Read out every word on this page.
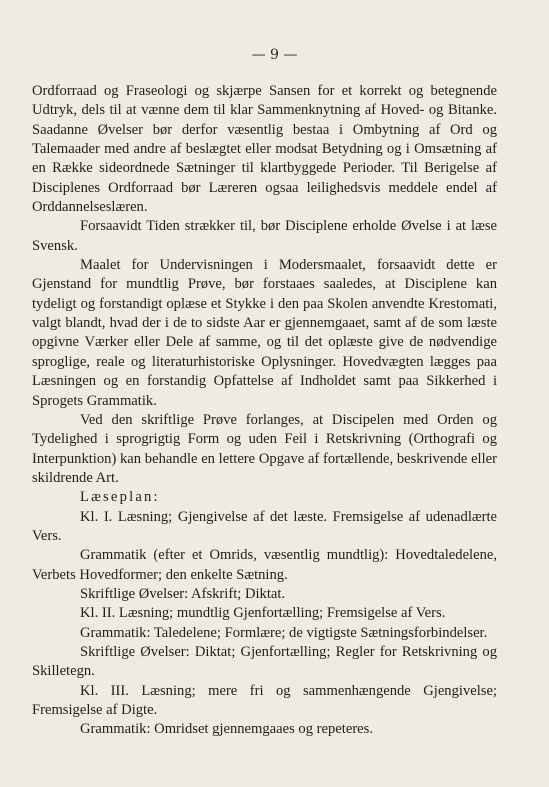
— 9 —

Ordforraad og Fraseologi og skjærpe Sansen for et korrekt og betegnende Udtryk, dels til at vænne dem til klar Sammenknytning af Hoved- og Bitanke. Saadanne Øvelser bør derfor væsentlig bestaa i Ombytning af Ord og Talemaader med andre af beslægtet eller modsat Betydning og i Omsætning af en Række sideordnede Sætninger til klartbyggede Perioder. Til Berigelse af Disciplenes Ordforraad bør Læreren ogsaa leilighedsvis meddele endel af Orddannelseslæren.

Forsaavidt Tiden strækker til, bør Disciplene erholde Øvelse i at læse Svensk.

Maalet for Undervisningen i Modersmaalet, forsaavidt dette er Gjenstand for mundtlig Prøve, bør forstaaes saaledes, at Disciplene kan tydeligt og forstandigt oplæse et Stykke i den paa Skolen anvendte Krestomati, valgt blandt, hvad der i de to sidste Aar er gjennemgaaet, samt af de som læste opgivne Værker eller Dele af samme, og til det oplæste give de nødvendige sproglige, reale og literaturhistoriske Oplysninger. Hovedvægten lægges paa Læsningen og en forstandig Opfattelse af Indholdet samt paa Sikkerhed i Sprogets Grammatik.

Ved den skriftlige Prøve forlanges, at Discipelen med Orden og Tydelighed i sprogrigtig Form og uden Feil i Retskrivning (Orthografi og Interpunktion) kan behandle en lettere Opgave af fortællende, beskrivende eller skildrende Art.

Læseplan:

Kl. I. Læsning; Gjengivelse af det læste. Fremsigelse af udenadlærte Vers.

Grammatik (efter et Omrids, væsentlig mundtlig): Hovedtaledelene, Verbets Hovedformer; den enkelte Sætning.

Skriftlige Øvelser: Afskrift; Diktat.

Kl. II. Læsning; mundtlig Gjenfortælling; Fremsigelse af Vers.

Grammatik: Taledelene; Formlære; de vigtigste Sætningsforbindelser.

Skriftlige Øvelser: Diktat; Gjenfortælling; Regler for Retskrivning og Skilletegn.

Kl. III. Læsning; mere fri og sammenhængende Gjengivelse; Fremsigelse af Digte.

Grammatik: Omridset gjennemgaaes og repeteres.
